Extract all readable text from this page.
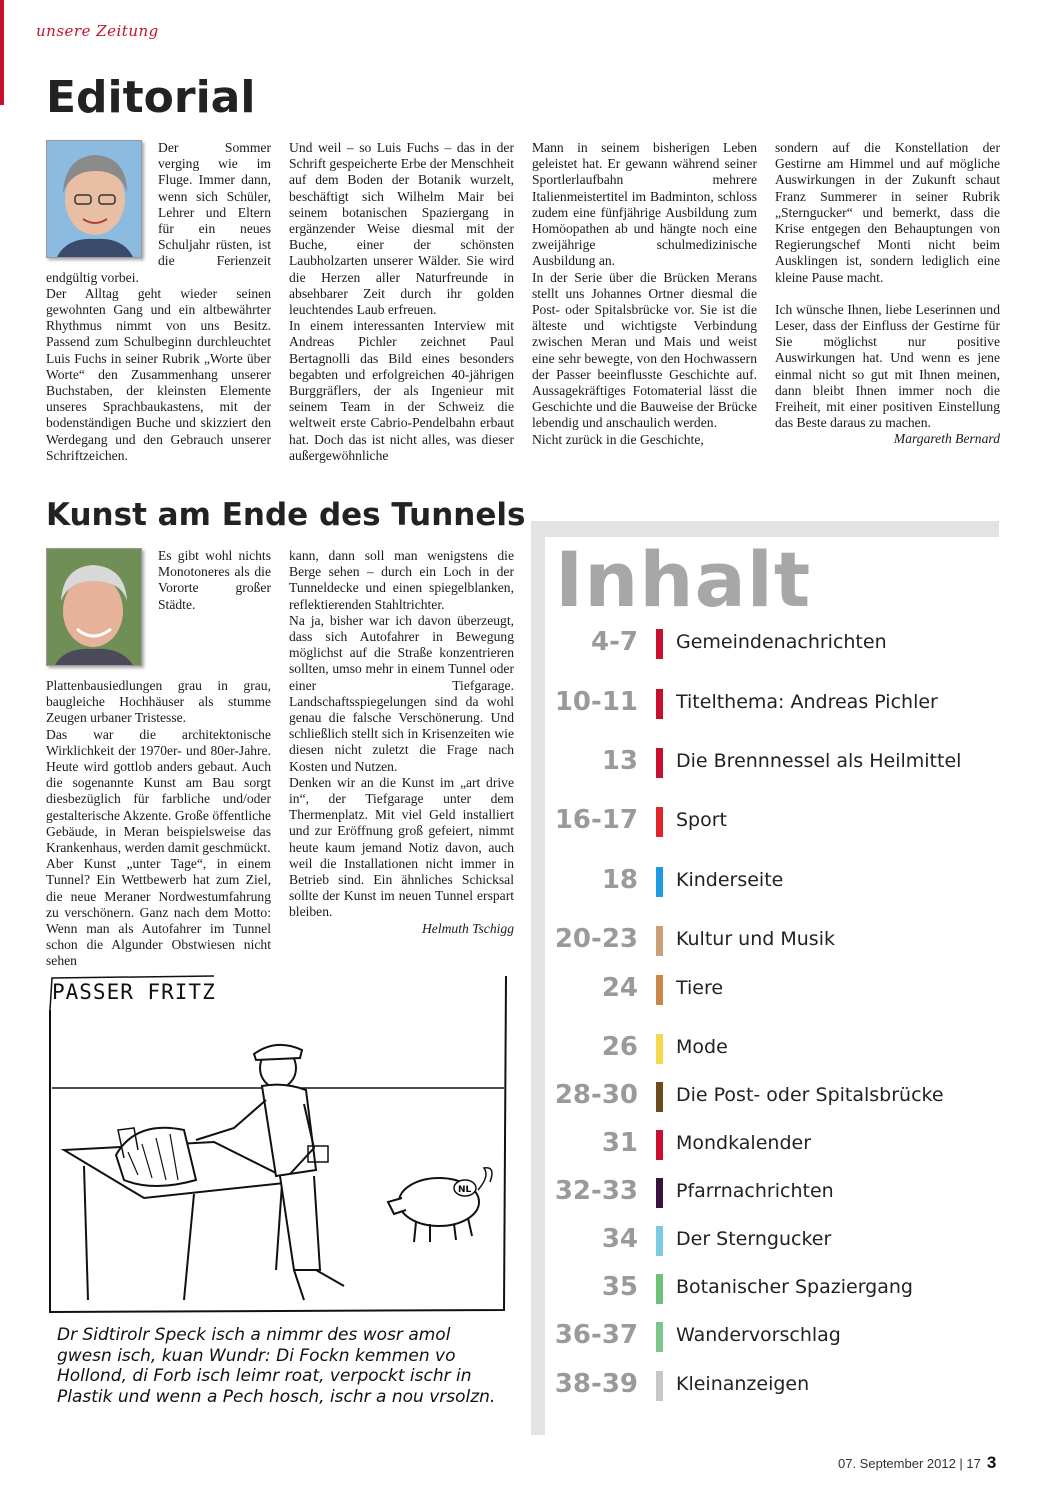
unsere Zeitung
Editorial

Der Sommer verging wie im Fluge. Immer dann, wenn sich Schüler, Lehrer und Eltern für ein neues Schuljahr rüsten, ist die Ferienzeit endgültig vorbei.

Der Alltag geht wieder seinen gewohnten Gang und ein altbewährter Rhythmus nimmt von uns Besitz. Passend zum Schulbeginn durchleuchtet Luis Fuchs in seiner Rubrik „Worte über Worte“ den Zusammenhang unserer Buchstaben, der kleinsten Elemente unseres Sprachbaukastens, mit der bodenständigen Buche und skizziert den Werdegang und den Gebrauch unserer Schriftzeichen.

Und weil – so Luis Fuchs – das in der Schrift gespeicherte Erbe der Menschheit auf dem Boden der Botanik wurzelt, beschäftigt sich Wilhelm Mair bei seinem botanischen Spaziergang in ergänzender Weise diesmal mit der Buche, einer der schönsten Laubholzarten unserer Wälder. Sie wird die Herzen aller Naturfreunde in absehbarer Zeit durch ihr golden leuchtendes Laub erfreuen.

In einem interessanten Interview mit Andreas Pichler zeichnet Paul Bertagnolli das Bild eines besonders begabten und erfolgreichen 40-jährigen Burggräflers, der als Ingenieur mit seinem Team in der Schweiz die weltweit erste Cabrio-Pendelbahn erbaut hat. Doch das ist nicht alles, was dieser außergewöhnliche

Mann in seinem bisherigen Leben geleistet hat. Er gewann während seiner Sportlerlaufbahn mehrere Italienmeistertitel im Badminton, schloss zudem eine fünfjährige Ausbildung zum Homöopathen ab und hängte noch eine zweijährige schulmedizinische Ausbildung an.

In der Serie über die Brücken Merans stellt uns Johannes Ortner diesmal die Post- oder Spitalsbrücke vor. Sie ist die älteste und wichtigste Verbindung zwischen Meran und Mais und weist eine sehr bewegte, von den Hochwassern der Passer beeinflusste Geschichte auf. Aussagekräftiges Fotomaterial lässt die Geschichte und die Bauweise der Brücke lebendig und anschaulich werden.

Nicht zurück in die Geschichte,

sondern auf die Konstellation der Gestirne am Himmel und auf mögliche Auswirkungen in der Zukunft schaut Franz Summerer in seiner Rubrik „Sterngucker“ und bemerkt, dass die Krise entgegen den Behauptungen von Regierungschef Monti nicht beim Ausklingen ist, sondern lediglich eine kleine Pause macht.

Ich wünsche Ihnen, liebe Leserinnen und Leser, dass der Einfluss der Gestirne für Sie möglichst nur positive Auswirkungen hat. Und wenn es jene einmal nicht so gut mit Ihnen meinen, dann bleibt Ihnen immer noch die Freiheit, mit einer positiven Einstellung das Beste daraus zu machen.

Margareth Bernard

Kunst am Ende des Tunnels

Es gibt wohl nichts Monotoneres als die Vororte großer Städte. Plattenbausiedlungen grau in grau, baugleiche Hochhäuser als stumme Zeugen urbaner Tristesse.

Das war die architektonische Wirklichkeit der 1970er- und 80er-Jahre. Heute wird gottlob anders gebaut. Auch die sogenannte Kunst am Bau sorgt diesbezüglich für farbliche und/oder gestalterische Akzente. Große öffentliche Gebäude, in Meran beispielsweise das Krankenhaus, werden damit geschmückt.

Aber Kunst „unter Tage“, in einem Tunnel? Ein Wettbewerb hat zum Ziel, die neue Meraner Nordwestumfahrung zu verschönern. Ganz nach dem Motto: Wenn man als Autofahrer im Tunnel schon die Algunder Obstwiesen nicht sehen

kann, dann soll man wenigstens die Berge sehen – durch ein Loch in der Tunneldecke und einen spiegelblanken, reflektierenden Stahltrichter.

Na ja, bisher war ich davon überzeugt, dass sich Autofahrer in Bewegung möglichst auf die Straße konzentrieren sollten, umso mehr in einem Tunnel oder einer Tiefgarage. Landschaftsspiegelungen sind da wohl genau die falsche Verschönerung. Und schließlich stellt sich in Krisenzeiten wie diesen nicht zuletzt die Frage nach Kosten und Nutzen.

Denken wir an die Kunst im „art drive in“, der Tiefgarage unter dem Thermenplatz. Mit viel Geld installiert und zur Eröffnung groß gefeiert, nimmt heute kaum jemand Notiz davon, auch weil die Installationen nicht immer in Betrieb sind. Ein ähnliches Schicksal sollte der Kunst im neuen Tunnel erspart bleiben.

Helmuth Tschigg

PASSER FRITZ
NL
Dr Sidtirolr Speck isch a nimmr des wosr amol gwesn isch, kuan Wundr: Di Fockn kemmen vo Hollond, di Forb isch leimr roat, verpockt ischr in Plastik und wenn a Pech hosch, ischr a nou vrsolzn.
Inhalt
4-7 Gemeindenachrichten
10-11 Titelthema: Andreas Pichler
13 Die Brennnessel als Heilmittel
16-17 Sport
18 Kinderseite
20-23 Kultur und Musik
24 Tiere
26 Mode
28-30 Die Post- oder Spitalsbrücke
31 Mondkalender
32-33 Pfarrnachrichten
34 Der Sterngucker
35 Botanischer Spaziergang
36-37 Wandervorschlag
38-39 Kleinanzeigen
07. September 2012 | 17 3
